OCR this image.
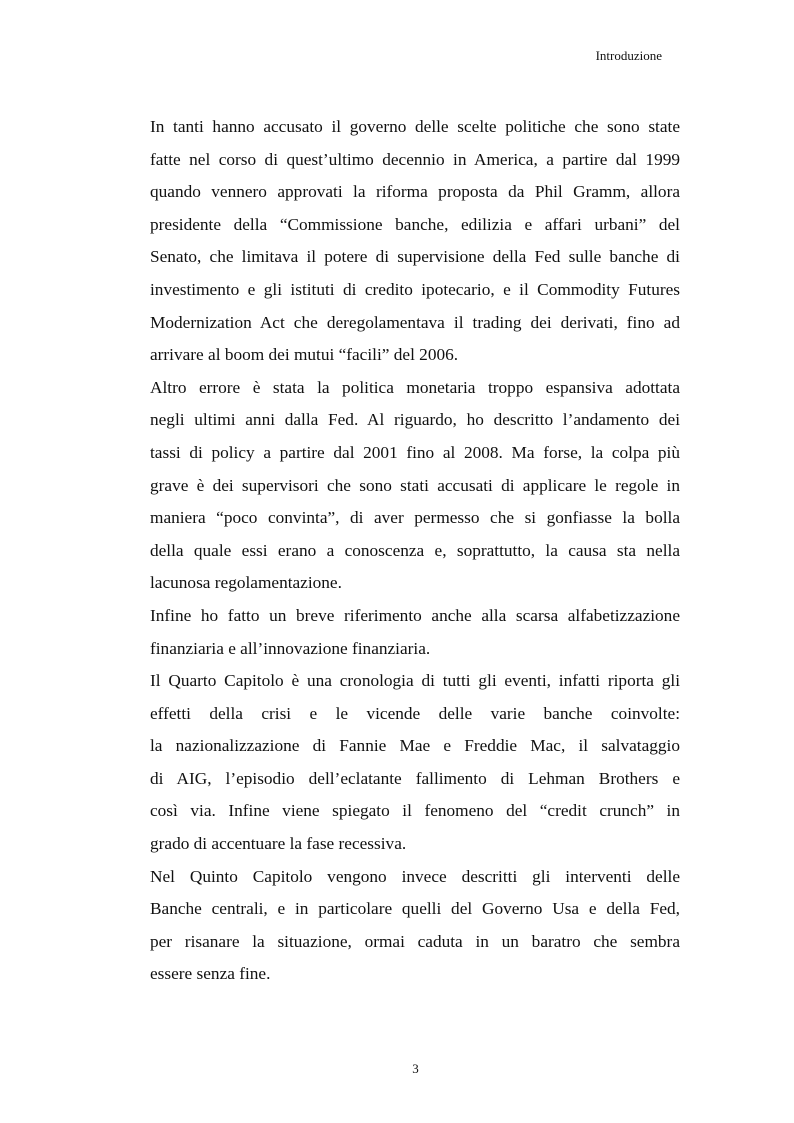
Introduzione
In tanti hanno accusato il governo delle scelte politiche che sono state
fatte nel corso di quest’ultimo decennio in America, a partire dal 1999
quando vennero approvati la riforma proposta da Phil Gramm, allora
presidente della “Commissione banche, edilizia e affari urbani” del
Senato, che limitava il potere di supervisione della Fed sulle banche di
investimento e gli istituti di credito ipotecario, e il Commodity Futures
Modernization Act che deregolamentava il trading dei derivati, fino ad
arrivare al boom dei mutui “facili” del 2006.
Altro errore è stata la politica monetaria troppo espansiva adottata
negli ultimi anni dalla Fed. Al riguardo, ho descritto l’andamento dei
tassi di policy a partire dal 2001 fino al 2008. Ma forse, la colpa più
grave è dei supervisori che sono stati accusati di applicare le regole in
maniera “poco convinta”, di aver permesso che si gonfiasse la bolla
della quale essi erano a conoscenza e, soprattutto, la causa sta nella
lacunosa regolamentazione.
Infine ho fatto un breve riferimento anche alla scarsa alfabetizzazione
finanziaria e all’innovazione finanziaria.
Il Quarto Capitolo è una cronologia di tutti gli eventi, infatti riporta gli
effetti della crisi e le vicende delle varie banche coinvolte:
la nazionalizzazione di Fannie Mae e Freddie Mac, il salvataggio
di AIG, l’episodio dell’eclatante fallimento di Lehman Brothers e
così via. Infine viene spiegato il fenomeno del “credit crunch” in
grado di accentuare la fase recessiva.
Nel Quinto Capitolo vengono invece descritti gli interventi delle
Banche centrali, e in particolare quelli del Governo Usa e della Fed,
per risanare la situazione, ormai caduta in un baratro che sembra
essere senza fine.
3
